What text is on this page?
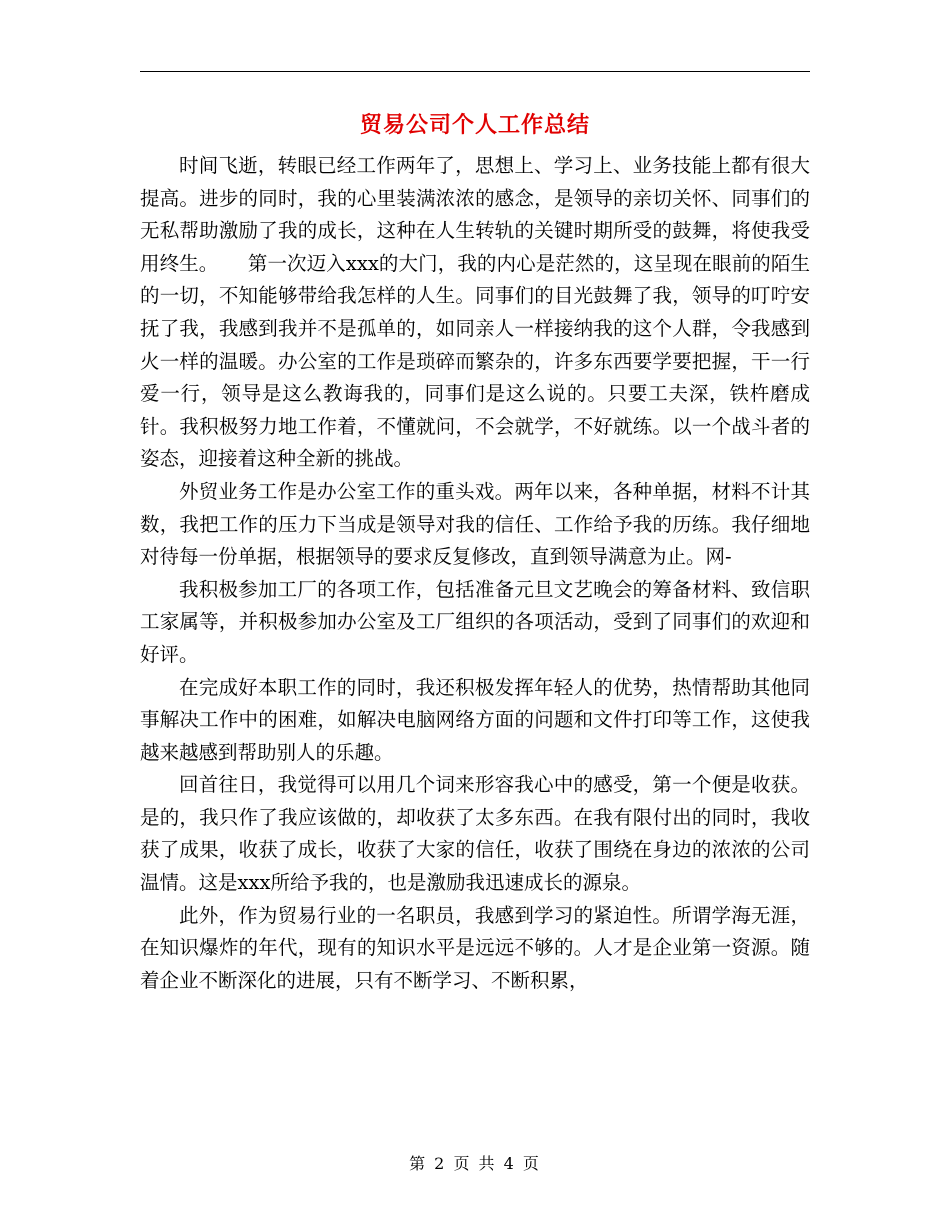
贸易公司个人工作总结

时间飞逝，转眼已经工作两年了，思想上、学习上、业务技能上都有很大提高。进步的同时，我的心里装满浓浓的感念，是领导的亲切关怀、同事们的无私帮助激励了我的成长，这种在人生转轨的关键时期所受的鼓舞，将使我受用终生。　　第一次迈入xxx的大门，我的内心是茫然的，这呈现在眼前的陌生的一切，不知能够带给我怎样的人生。同事们的目光鼓舞了我，领导的叮咛安抚了我，我感到我并不是孤单的，如同亲人一样接纳我的这个人群，令我感到火一样的温暖。办公室的工作是琐碎而繁杂的，许多东西要学要把握，干一行爱一行，领导是这么教诲我的，同事们是这么说的。只要工夫深，铁杵磨成针。我积极努力地工作着，不懂就问，不会就学，不好就练。以一个战斗者的姿态，迎接着这种全新的挑战。

外贸业务工作是办公室工作的重头戏。两年以来，各种单据，材料不计其数，我把工作的压力下当成是领导对我的信任、工作给予我的历练。我仔细地对待每一份单据，根据领导的要求反复修改，直到领导满意为止。网-

我积极参加工厂的各项工作，包括准备元旦文艺晚会的筹备材料、致信职工家属等，并积极参加办公室及工厂组织的各项活动，受到了同事们的欢迎和好评。

在完成好本职工作的同时，我还积极发挥年轻人的优势，热情帮助其他同事解决工作中的困难，如解决电脑网络方面的问题和文件打印等工作，这使我越来越感到帮助别人的乐趣。

回首往日，我觉得可以用几个词来形容我心中的感受，第一个便是收获。是的，我只作了我应该做的，却收获了太多东西。在我有限付出的同时，我收获了成果，收获了成长，收获了大家的信任，收获了围绕在身边的浓浓的公司温情。这是xxx所给予我的，也是激励我迅速成长的源泉。

此外，作为贸易行业的一名职员，我感到学习的紧迫性。所谓学海无涯，在知识爆炸的年代，现有的知识水平是远远不够的。人才是企业第一资源。随着企业不断深化的进展，只有不断学习、不断积累，

第 2 页 共 4 页
